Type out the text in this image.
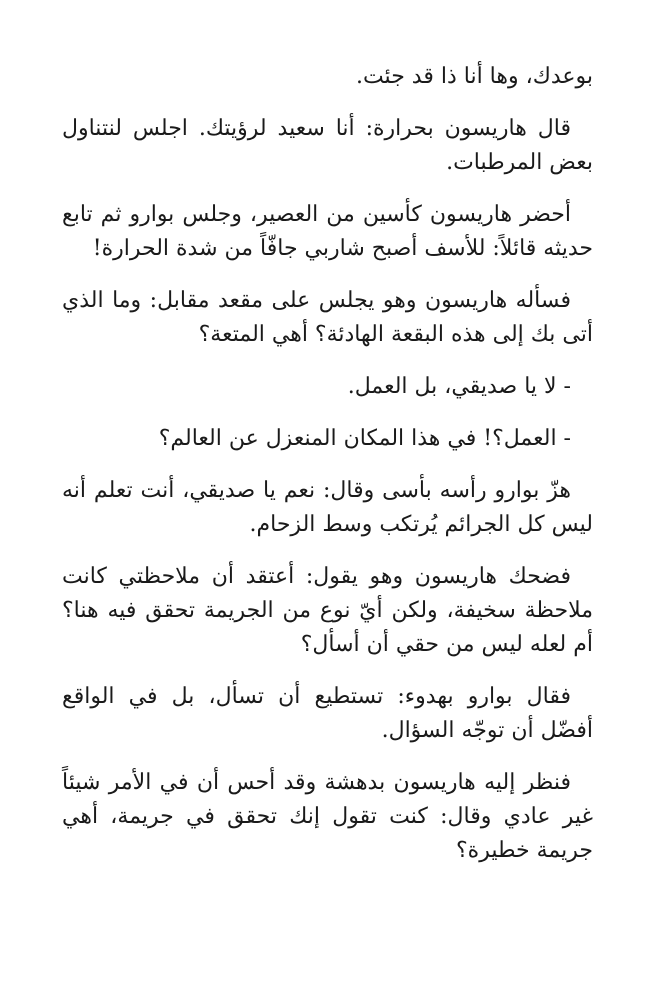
بوعدك، وها أنا ذا قد جئت.

قال هاريسون بحرارة: أنا سعيد لرؤيتك. اجلس لنتناول بعض المرطبات.

أحضر هاريسون كأسين من العصير، وجلس بوارو ثم تابع حديثه قائلاً: للأسف أصبح شاربي جافّاً من شدة الحرارة!

فسأله هاريسون وهو يجلس على مقعد مقابل: وما الذي أتى بك إلى هذه البقعة الهادئة؟ أهي المتعة؟

- لا يا صديقي، بل العمل.

- العمل؟! في هذا المكان المنعزل عن العالم؟

هزّ بوارو رأسه بأسى وقال: نعم يا صديقي، أنت تعلم أنه ليس كل الجرائم يُرتكب وسط الزحام.

فضحك هاريسون وهو يقول: أعتقد أن ملاحظتي كانت ملاحظة سخيفة، ولكن أيّ نوع من الجريمة تحقق فيه هنا؟ أم لعله ليس من حقي أن أسأل؟

فقال بوارو بهدوء: تستطيع أن تسأل، بل في الواقع أفضّل أن توجّه السؤال.

فنظر إليه هاريسون بدهشة وقد أحس أن في الأمر شيئاً غير عادي وقال: كنت تقول إنك تحقق في جريمة، أهي جريمة خطيرة؟
